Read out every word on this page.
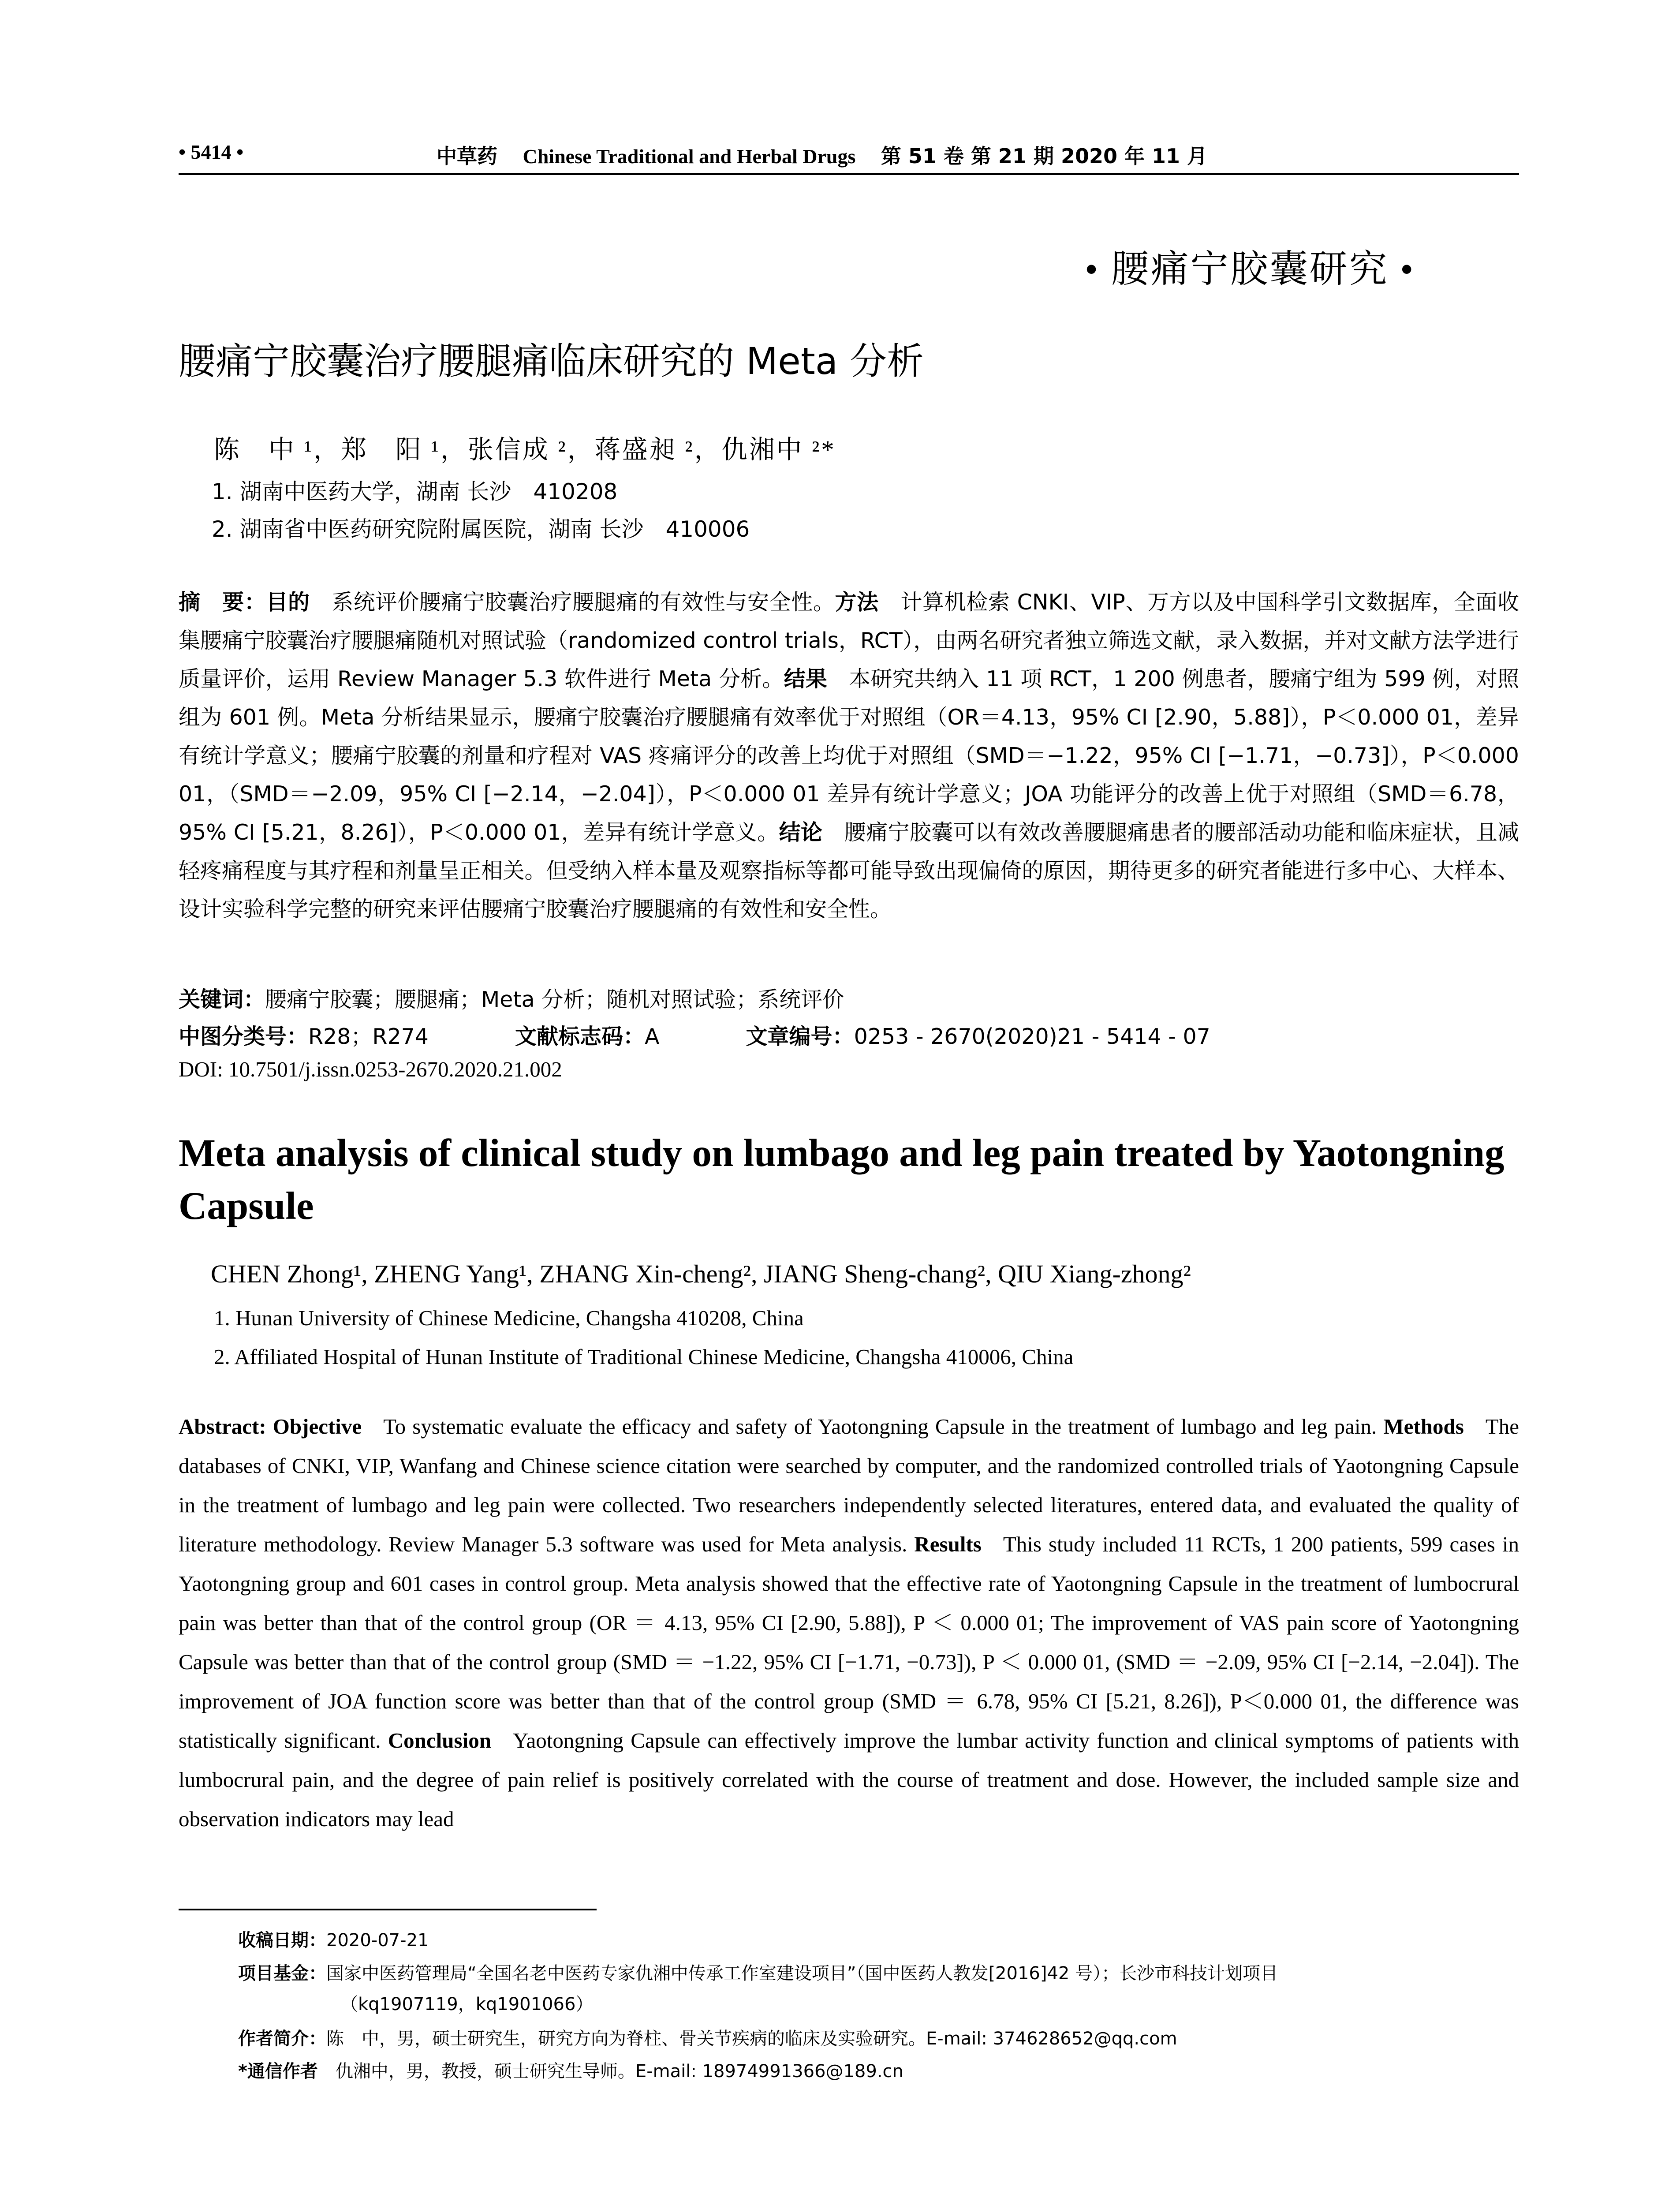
• 5414 •	中草药  Chinese Traditional and Herbal Drugs  第 51 卷 第 21 期 2020 年 11 月
• 腰痛宁胶囊研究 •
腰痛宁胶囊治疗腰腿痛临床研究的 Meta 分析
陈　中 ¹，郑　阳 ¹，张信成 ²，蒋盛昶 ²，仇湘中 ²*
1. 湖南中医药大学，湖南 长沙　410208
2. 湖南省中医药研究院附属医院，湖南 长沙　410006
摘　要：目的  系统评价腰痛宁胶囊治疗腰腿痛的有效性与安全性。方法  计算机检索 CNKI、VIP、万方以及中国科学引文数据库，全面收集腰痛宁胶囊治疗腰腿痛随机对照试验（randomized control trials，RCT），由两名研究者独立筛选文献，录入数据，并对文献方法学进行质量评价，运用 Review Manager 5.3 软件进行 Meta 分析。结果  本研究共纳入 11 项 RCT，1 200 例患者，腰痛宁组为 599 例，对照组为 601 例。Meta 分析结果显示，腰痛宁胶囊治疗腰腿痛有效率优于对照组（OR＝4.13，95% CI [2.90，5.88]），P＜0.000 01，差异有统计学意义；腰痛宁胶囊的剂量和疗程对 VAS 疼痛评分的改善上均优于对照组（SMD＝−1.22，95% CI [−1.71，−0.73]），P＜0.000 01，（SMD＝−2.09，95% CI [−2.14，−2.04]），P＜0.000 01 差异有统计学意义；JOA 功能评分的改善上优于对照组（SMD＝6.78，95% CI [5.21，8.26]），P＜0.000 01，差异有统计学意义。结论  腰痛宁胶囊可以有效改善腰腿痛患者的腰部活动功能和临床症状，且减轻疼痛程度与其疗程和剂量呈正相关。但受纳入样本量及观察指标等都可能导致出现偏倚的原因，期待更多的研究者能进行多中心、大样本、设计实验科学完整的研究来评估腰痛宁胶囊治疗腰腿痛的有效性和安全性。
关键词：腰痛宁胶囊；腰腿痛；Meta 分析；随机对照试验；系统评价
中图分类号：R28；R274    	文献标志码：A    	文章编号：0253 - 2670(2020)21 - 5414 - 07
DOI: 10.7501/j.issn.0253-2670.2020.21.002
Meta analysis of clinical study on lumbago and leg pain treated by Yaotongning Capsule
CHEN Zhong¹, ZHENG Yang¹, ZHANG Xin-cheng², JIANG Sheng-chang², QIU Xiang-zhong²
1. Hunan University of Chinese Medicine, Changsha 410208, China
2. Affiliated Hospital of Hunan Institute of Traditional Chinese Medicine, Changsha 410006, China
Abstract: Objective  To systematic evaluate the efficacy and safety of Yaotongning Capsule in the treatment of lumbago and leg pain. Methods  The databases of CNKI, VIP, Wanfang and Chinese science citation were searched by computer, and the randomized controlled trials of Yaotongning Capsule in the treatment of lumbago and leg pain were collected. Two researchers independently selected literatures, entered data, and evaluated the quality of literature methodology. Review Manager 5.3 software was used for Meta analysis. Results  This study included 11 RCTs, 1 200 patients, 599 cases in Yaotongning group and 601 cases in control group. Meta analysis showed that the effective rate of Yaotongning Capsule in the treatment of lumbocrural pain was better than that of the control group (OR ＝ 4.13, 95% CI [2.90, 5.88]), P ＜ 0.000 01; The improvement of VAS pain score of Yaotongning Capsule was better than that of the control group (SMD ＝ −1.22, 95% CI [−1.71, −0.73]), P ＜ 0.000 01, (SMD ＝ −2.09, 95% CI [−2.14, −2.04]). The improvement of JOA function score was better than that of the control group (SMD ＝ 6.78, 95% CI [5.21, 8.26]), P＜0.000 01, the difference was statistically significant. Conclusion  Yaotongning Capsule can effectively improve the lumbar activity function and clinical symptoms of patients with lumbocrural pain, and the degree of pain relief is positively correlated with the course of treatment and dose. However, the included sample size and observation indicators may lead
收稿日期：2020-07-21
项目基金：国家中医药管理局“全国名老中医药专家仇湘中传承工作室建设项目”（国中医药人教发[2016]42 号）；长沙市科技计划项目
（kq1907119，kq1901066）
作者简介：陈　中，男，硕士研究生，研究方向为脊柱、骨关节疾病的临床及实验研究。E-mail: 374628652@qq.com
*通信作者  仇湘中，男，教授，硕士研究生导师。E-mail: 18974991366@189.cn
